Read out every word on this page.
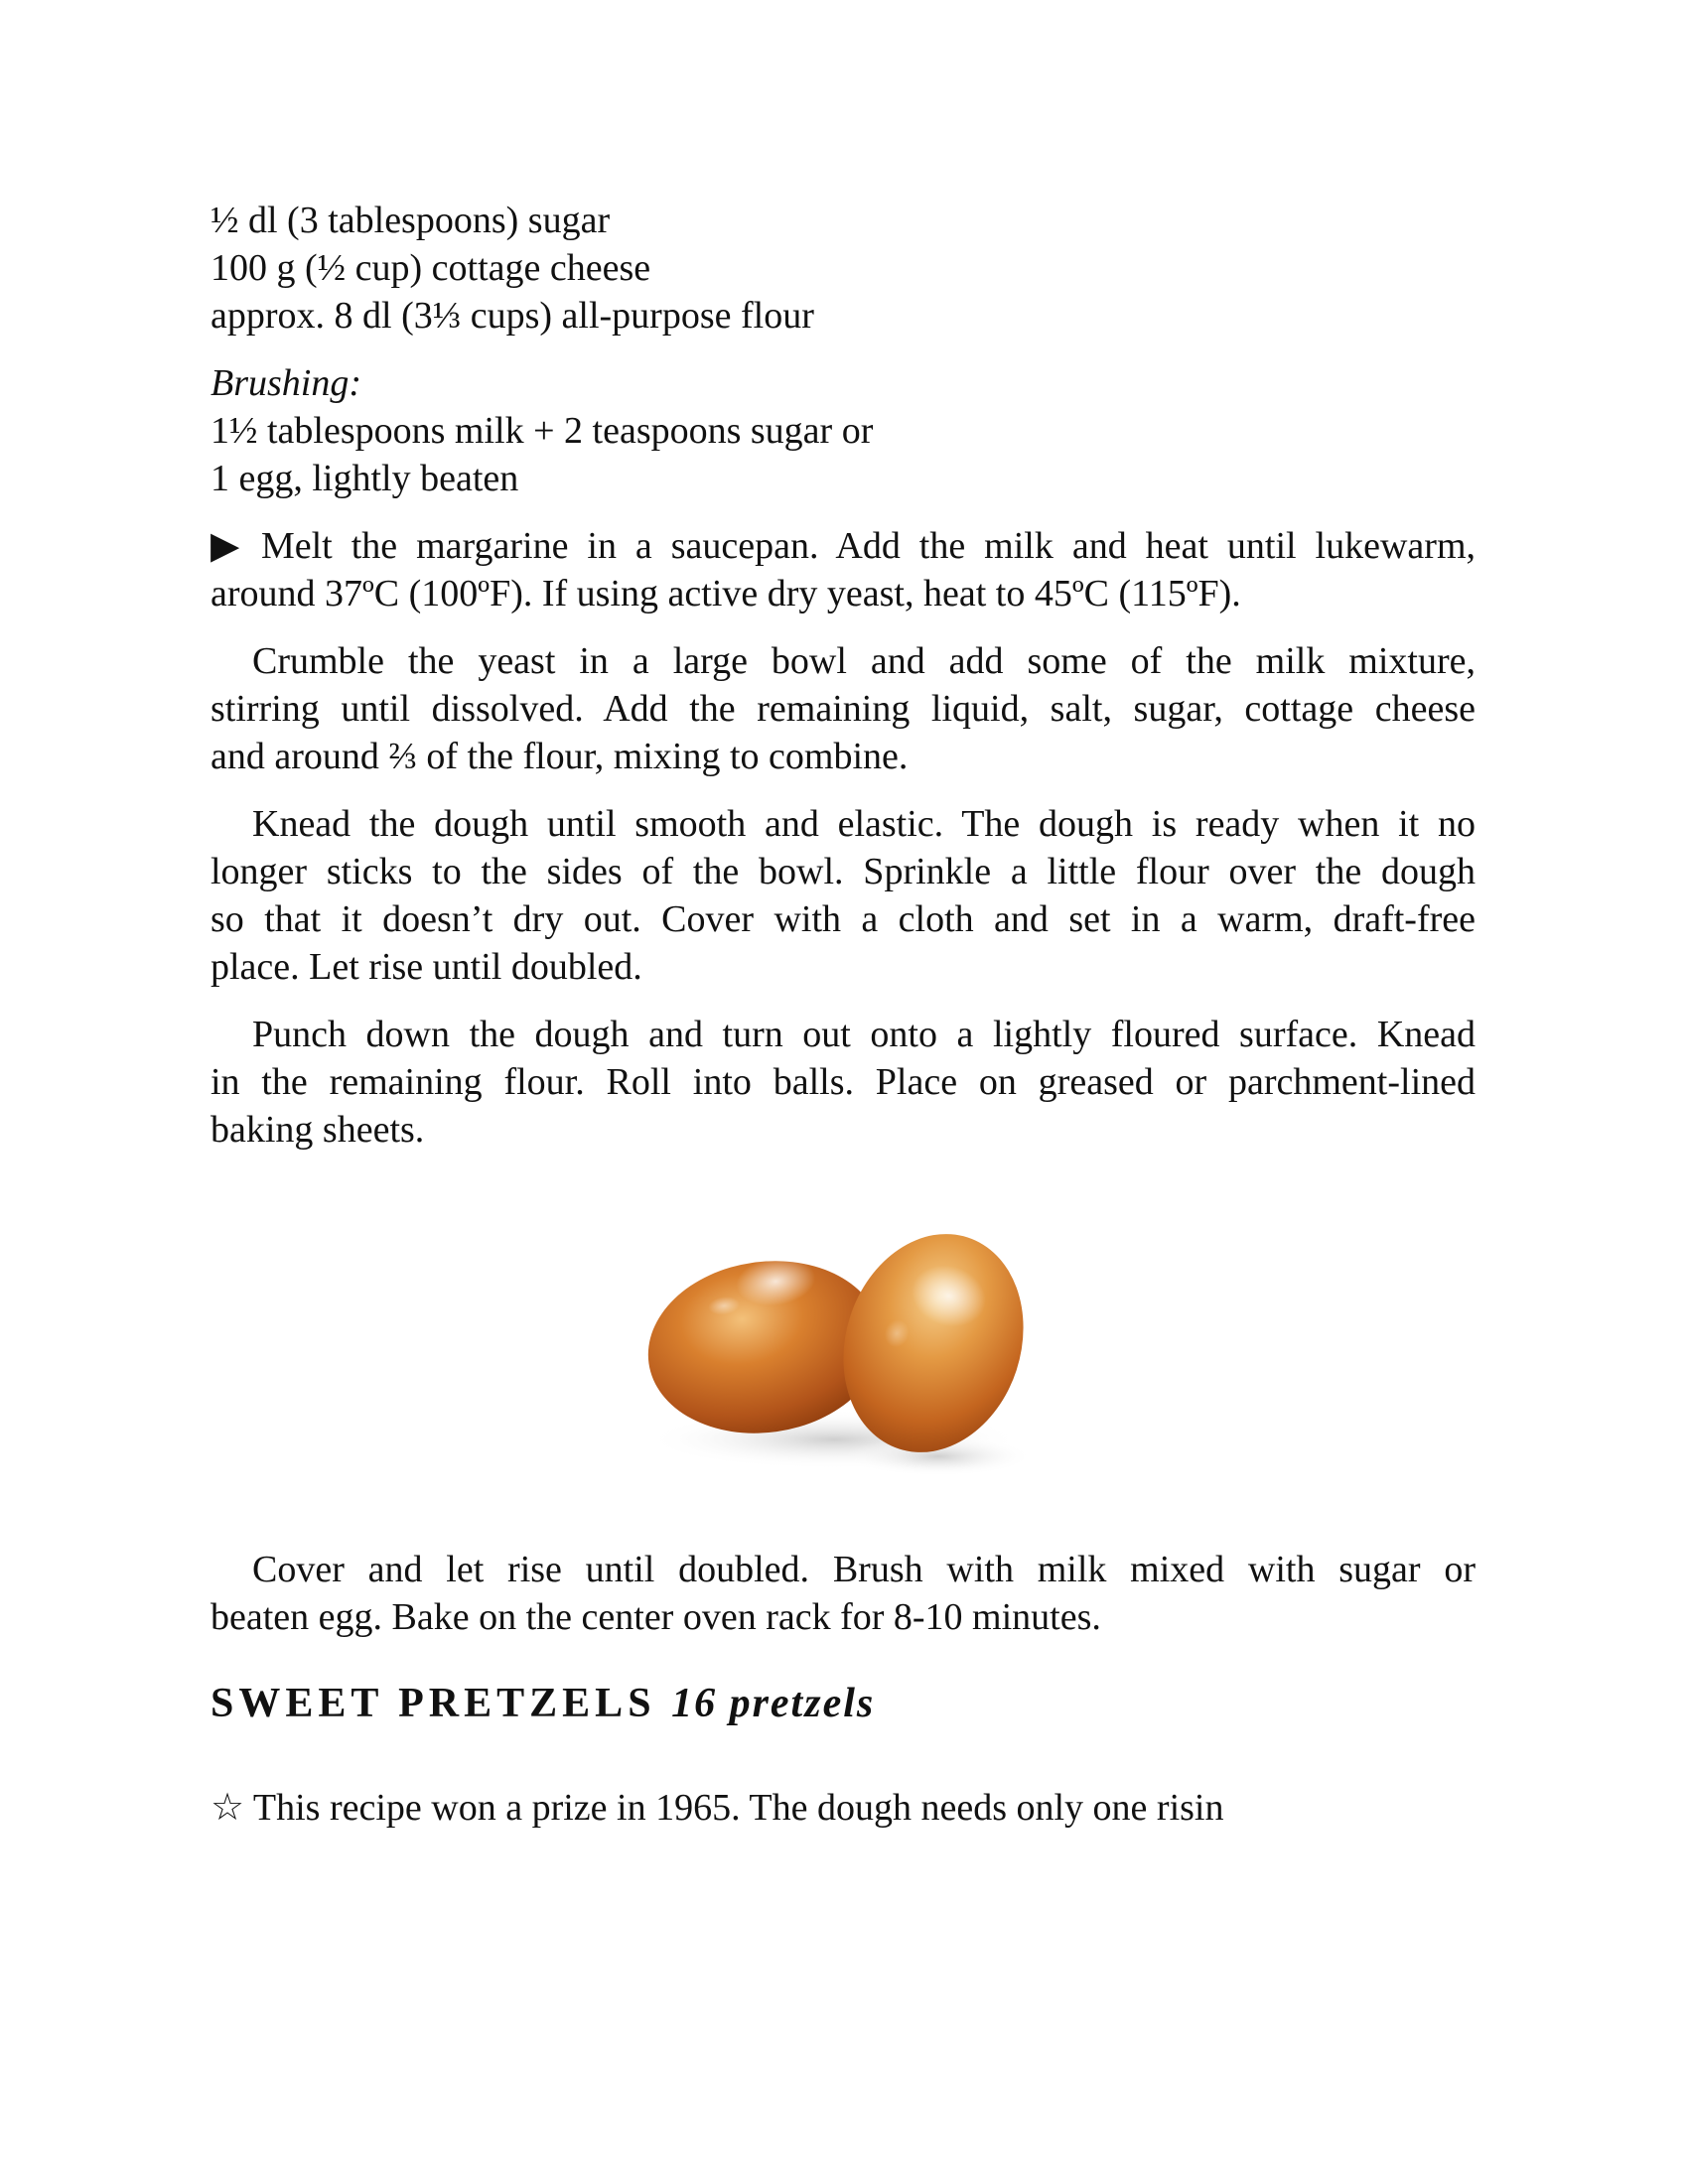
½ dl (3 tablespoons) sugar

100 g (½ cup) cottage cheese

approx. 8 dl (3⅓ cups) all-purpose flour

Brushing:

1½ tablespoons milk + 2 teaspoons sugar or

1 egg, lightly beaten

▶ Melt the margarine in a saucepan. Add the milk and heat until lukewarm,
around 37ºC (100ºF). If using active dry yeast, heat to 45ºC (115ºF).
Crumble the yeast in a large bowl and add some of the milk mixture,
stirring until dissolved. Add the remaining liquid, salt, sugar, cottage cheese
and around ⅔ of the flour, mixing to combine.
Knead the dough until smooth and elastic. The dough is ready when it no
longer sticks to the sides of the bowl. Sprinkle a little flour over the dough
so that it doesn’t dry out. Cover with a cloth and set in a warm, draft-free
place. Let rise until doubled.
Punch down the dough and turn out onto a lightly floured surface. Knead
in the remaining flour. Roll into balls. Place on greased or parchment-lined
baking sheets.
Cover and let rise until doubled. Brush with milk mixed with sugar or
beaten egg. Bake on the center oven rack for 8-10 minutes.
SWEET PRETZELS 16 pretzels

☆ This recipe won a prize in 1965. The dough needs only one risin
